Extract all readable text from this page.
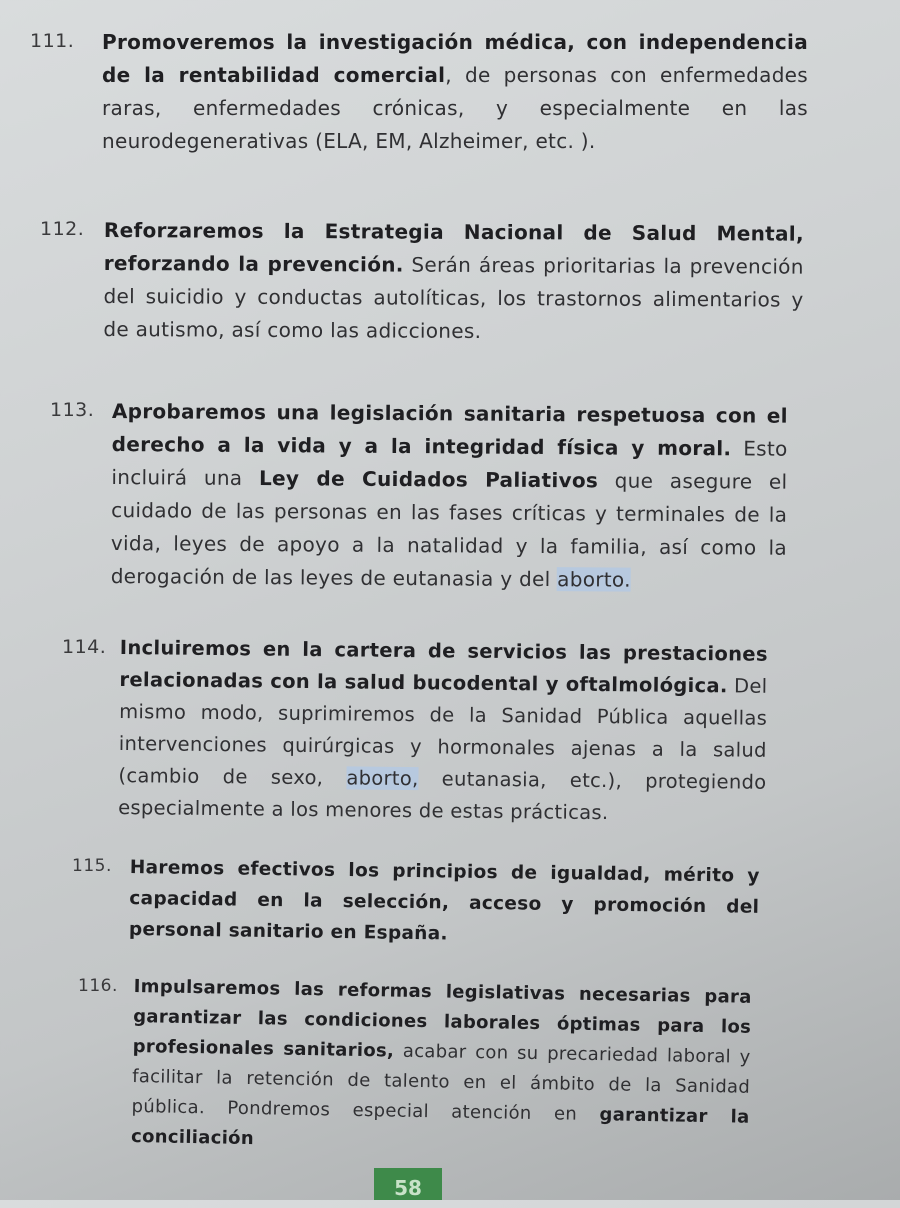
111.	Promoveremos la investigación médica, con independencia de la rentabilidad comercial, de personas con enfermedades raras, enfermedades crónicas, y especialmente en las neurodegenerativas (ELA, EM, Alzheimer, etc. ).
112. Reforzaremos la Estrategia Nacional de Salud Mental, reforzando la prevención. Serán áreas prioritarias la prevención del suicidio y conductas autolíticas, los trastornos alimentarios y de autismo, así como las adicciones.
113. Aprobaremos una legislación sanitaria respetuosa con el derecho a la vida y a la integridad física y moral. Esto incluirá una Ley de Cuidados Paliativos que asegure el cuidado de las personas en las fases críticas y terminales de la vida, leyes de apoyo a la natalidad y la familia, así como la derogación de las leyes de eutanasia y del aborto.
114. Incluiremos en la cartera de servicios las prestaciones relacionadas con la salud bucodental y oftalmológica. Del mismo modo, suprimiremos de la Sanidad Pública aquellas intervenciones quirúrgicas y hormonales ajenas a la salud (cambio de sexo, aborto, eutanasia, etc.), protegiendo especialmente a los menores de estas prácticas.
115. Haremos efectivos los principios de igualdad, mérito y capacidad en la selección, acceso y promoción del personal sanitario en España.
116. Impulsaremos las reformas legislativas necesarias para garantizar las condiciones laborales óptimas para los profesionales sanitarios, acabar con su precariedad laboral y facilitar la retención de talento en el ámbito de la Sanidad pública. Pondremos especial atención en garantizar la conciliación
58
